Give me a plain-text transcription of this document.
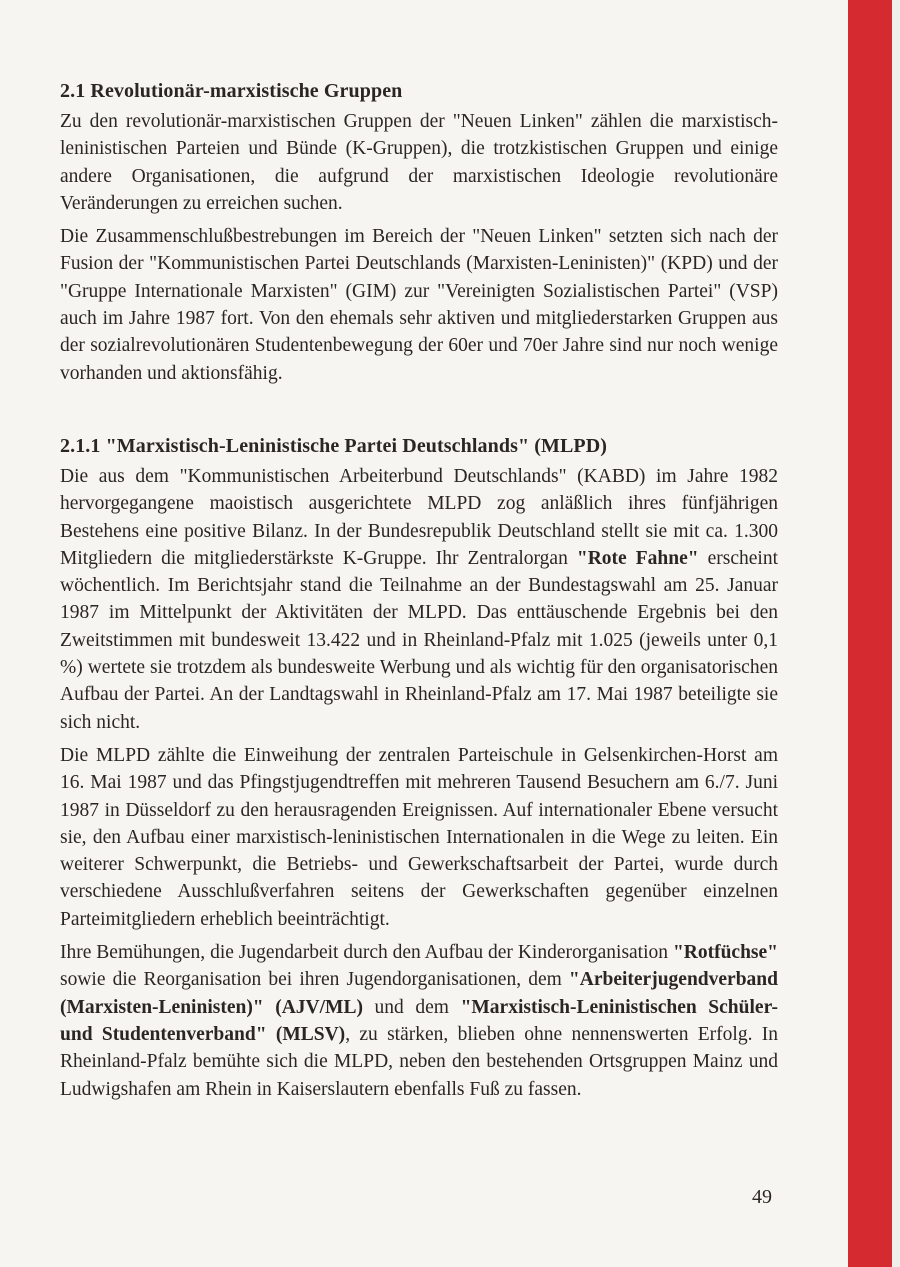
2.1 Revolutionär-marxistische Gruppen

Zu den revolutionär-marxistischen Gruppen der "Neuen Linken" zählen die marxistisch-leninistischen Parteien und Bünde (K-Gruppen), die trotzkistischen Gruppen und einige andere Organisationen, die aufgrund der marxistischen Ideologie revolutionäre Veränderungen zu erreichen suchen.

Die Zusammenschlußbestrebungen im Bereich der "Neuen Linken" setzten sich nach der Fusion der "Kommunistischen Partei Deutschlands (Marxisten-Leninisten)" (KPD) und der "Gruppe Internationale Marxisten" (GIM) zur "Vereinigten Sozialistischen Partei" (VSP) auch im Jahre 1987 fort. Von den ehemals sehr aktiven und mitgliederstarken Gruppen aus der sozialrevolutionären Studentenbewegung der 60er und 70er Jahre sind nur noch wenige vorhanden und aktionsfähig.

2.1.1 "Marxistisch-Leninistische Partei Deutschlands" (MLPD)

Die aus dem "Kommunistischen Arbeiterbund Deutschlands" (KABD) im Jahre 1982 hervorgegangene maoistisch ausgerichtete MLPD zog anläßlich ihres fünfjährigen Bestehens eine positive Bilanz. In der Bundesrepublik Deutschland stellt sie mit ca. 1.300 Mitgliedern die mitgliederstärkste K-Gruppe. Ihr Zentralorgan "Rote Fahne" erscheint wöchentlich. Im Berichtsjahr stand die Teilnahme an der Bundestagswahl am 25. Januar 1987 im Mittelpunkt der Aktivitäten der MLPD. Das enttäuschende Ergebnis bei den Zweitstimmen mit bundesweit 13.422 und in Rheinland-Pfalz mit 1.025 (jeweils unter 0,1 %) wertete sie trotzdem als bundesweite Werbung und als wichtig für den organisatorischen Aufbau der Partei. An der Landtagswahl in Rheinland-Pfalz am 17. Mai 1987 beteiligte sie sich nicht.

Die MLPD zählte die Einweihung der zentralen Parteischule in Gelsenkirchen-Horst am 16. Mai 1987 und das Pfingstjugendtreffen mit mehreren Tausend Besuchern am 6./7. Juni 1987 in Düsseldorf zu den herausragenden Ereignissen. Auf internationaler Ebene versucht sie, den Aufbau einer marxistisch-leninistischen Internationalen in die Wege zu leiten. Ein weiterer Schwerpunkt, die Betriebs- und Gewerkschaftsarbeit der Partei, wurde durch verschiedene Ausschlußverfahren seitens der Gewerkschaften gegenüber einzelnen Parteimitgliedern erheblich beeinträchtigt.

Ihre Bemühungen, die Jugendarbeit durch den Aufbau der Kinderorganisation "Rotfüchse" sowie die Reorganisation bei ihren Jugendorganisationen, dem "Arbeiterjugendverband (Marxisten-Leninisten)" (AJV/ML) und dem "Marxistisch-Leninistischen Schüler- und Studentenverband" (MLSV), zu stärken, blieben ohne nennenswerten Erfolg. In Rheinland-Pfalz bemühte sich die MLPD, neben den bestehenden Ortsgruppen Mainz und Ludwigshafen am Rhein in Kaiserslautern ebenfalls Fuß zu fassen.

49
